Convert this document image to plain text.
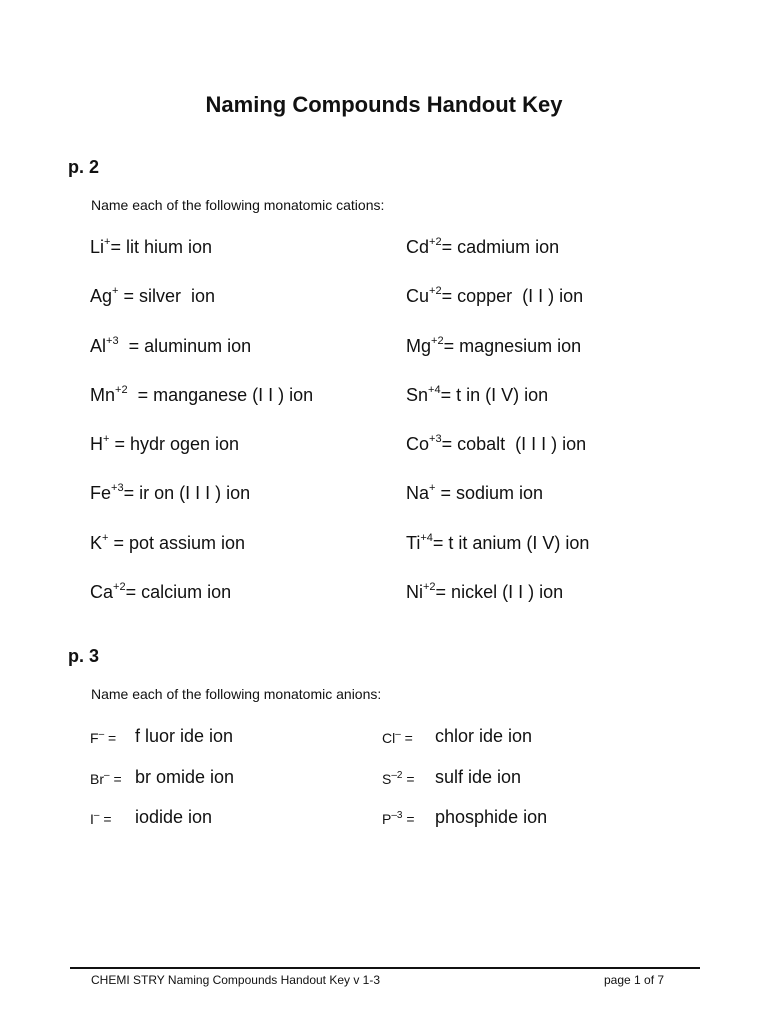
Naming Compounds Handout Key
p. 2
Name each of the following monatomic cations:
Li+= lit hium ion	$Cd^{+2}=$ cadmium ion
Ag+ = silver  ion	$Cu^{+2}=$ copper  (I I ) ion
$Al^{+3}$  = aluminum ion	$Mg^{+2}=$ magnesium ion
$Mn^{+2}$  = manganese (I I ) ion	$Sn^{+4}= t$ in (I V) ion
H+ = hydr ogen ion	$Co^{+3}=$ cobalt  (I I I ) ion
$Fe^{+3}=$ ir on (I I I ) ion	Na+ = sodium ion
K+ = pot assium ion	$Ti^{+4}= t$ it anium (I V) ion
$Ca^{+2}=$ calcium ion	$Ni^{+2}=$ nickel (I I ) ion
p. 3
Name each of the following monatomic anions:
F– = f luor ide ion	Cl– = chlor ide ion
Br– = br omide ion	$S^{-2}$ = sulf ide ion
I– = iodide ion	$P^{-3}$ = phosphide ion
CHEMI STRY Naming Compounds Handout Key v 1-3	page 1 of 7
